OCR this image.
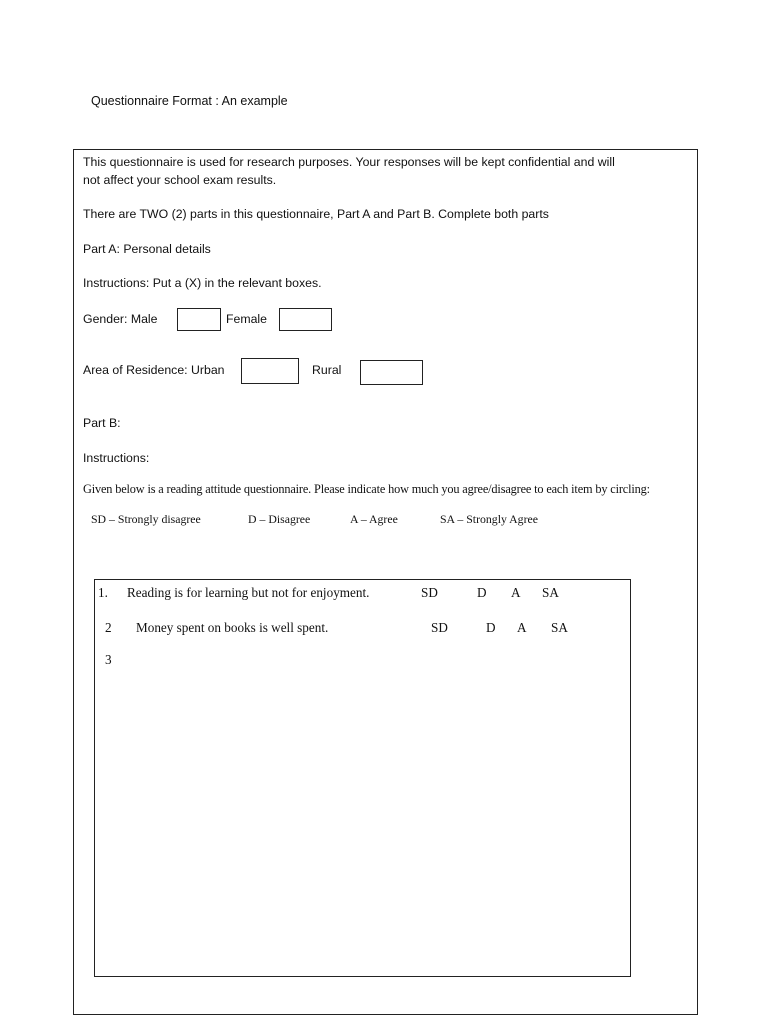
Questionnaire Format : An example
This questionnaire is used for research purposes. Your responses will be kept confidential and will
not affect your school exam results.
There are TWO (2) parts in this questionnaire, Part A and Part B. Complete both parts
Part A: Personal details
Instructions: Put a (X) in the relevant boxes.
Gender: Male	Female
Area of Residence: Urban	Rural
Part B:
Instructions:
Given below is a reading attitude questionnaire. Please indicate how much you agree/disagree to each item by circling:
SD – Strongly disagree	D – Disagree	A – Agree	SA – Strongly Agree
1. Reading is for learning but not for enjoyment.	SD	D A SA
2 Money spent on books is well spent.	SD	D A SA
3
